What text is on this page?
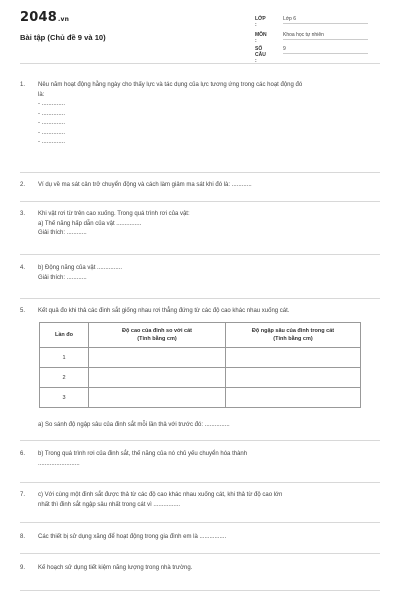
2048.vn
Bài tập (Chủ đề 9 và 10)
LỚP :
Lớp 6
MÔN :
Khoa học tự nhiên
SỐ CÂU :
9
1. Nêu năm hoạt động hằng ngày cho thấy lực và tác dụng của lực tương ứng trong các hoạt động đó
là:
- ..............
- ..............
- ..............
- ..............
- ..............
2. Ví dụ về ma sát cản trở chuyển động và cách làm giảm ma sát khi đó là: ............
3. Khi vật rơi từ trên cao xuống. Trong quá trình rơi của vật:
a) Thế năng hấp dẫn của vật ...............
Giải thích: ............
4. b) Động năng của vật ...............
Giải thích: ............
5. Kết quả đo khi thả các đinh sắt giống nhau rơi thẳng đứng từ các độ cao khác nhau xuống cát.
Lần đo	Độ cao của đinh so với cát
(Tính bằng cm)	Độ ngập sâu của đinh trong cát
(Tính bằng cm)
1		
2		
3		
a) So sánh độ ngập sâu của đinh sắt mỗi lần thả với trước đó: ...............
6. b) Trong quá trình rơi của đinh sắt, thế năng của nó chủ yếu chuyển hóa thành
.........................
7. c) Với cùng một đinh sắt được thả từ các độ cao khác nhau xuống cát, khi thả từ độ cao lớn
nhất thì đinh sắt ngập sâu nhất trong cát vì ................
8. Các thiết bị sử dụng xăng để hoạt động trong gia đình em là ................
9. Kế hoạch sử dụng tiết kiệm năng lượng trong nhà trường.
